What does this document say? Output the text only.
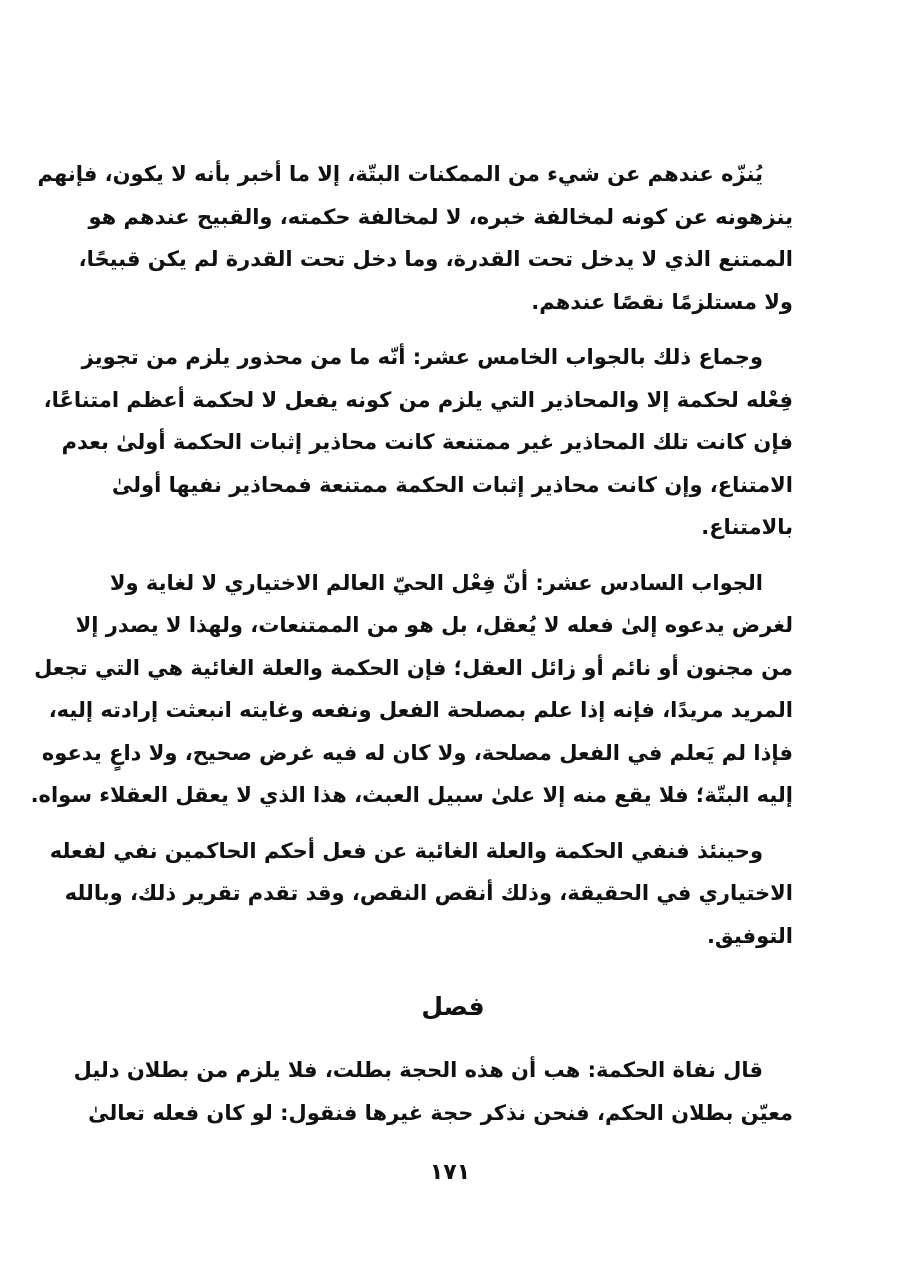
يُنزّه عندهم عن شيء من الممكنات البتّة، إلا ما أخبر بأنه لا يكون، فإنهم
ينزهونه عن كونه لمخالفة خبره، لا لمخالفة حكمته، والقبيح عندهم هو
الممتنع الذي لا يدخل تحت القدرة، وما دخل تحت القدرة لم يكن قبيحًا،
ولا مستلزمًا نقصًا عندهم.
وجماع ذلك بالجواب الخامس عشر: أنّه ما من محذور يلزم من تجويز
فِعْله لحكمة إلا والمحاذير التي يلزم من كونه يفعل لا لحكمة أعظم امتناعًا،
فإن كانت تلك المحاذير غير ممتنعة كانت محاذير إثبات الحكمة أولىٰ بعدم
الامتناع، وإن كانت محاذير إثبات الحكمة ممتنعة فمحاذير نفيها أولىٰ
بالامتناع.
الجواب السادس عشر: أنّ فِعْل الحيّ العالم الاختياري لا لغاية ولا
لغرض يدعوه إلىٰ فعله لا يُعقل، بل هو من الممتنعات، ولهذا لا يصدر إلا
من مجنون أو نائم أو زائل العقل؛ فإن الحكمة والعلة الغائية هي التي تجعل
المريد مريدًا، فإنه إذا علم بمصلحة الفعل ونفعه وغايته انبعثت إرادته إليه،
فإذا لم يَعلم في الفعل مصلحة، ولا كان له فيه غرض صحيح، ولا داعٍ يدعوه
إليه البتّة؛ فلا يقع منه إلا علىٰ سبيل العبث، هذا الذي لا يعقل العقلاء سواه.
وحينئذ فنفي الحكمة والعلة الغائية عن فعل أحكم الحاكمين نفي لفعله
الاختياري في الحقيقة، وذلك أنقص النقص، وقد تقدم تقرير ذلك، وبالله
التوفيق.
فصل
قال نفاة الحكمة: هب أن هذه الحجة بطلت، فلا يلزم من بطلان دليل
معيّن بطلان الحكم، فنحن نذكر حجة غيرها فنقول: لو كان فعله تعالىٰ
١٧١
